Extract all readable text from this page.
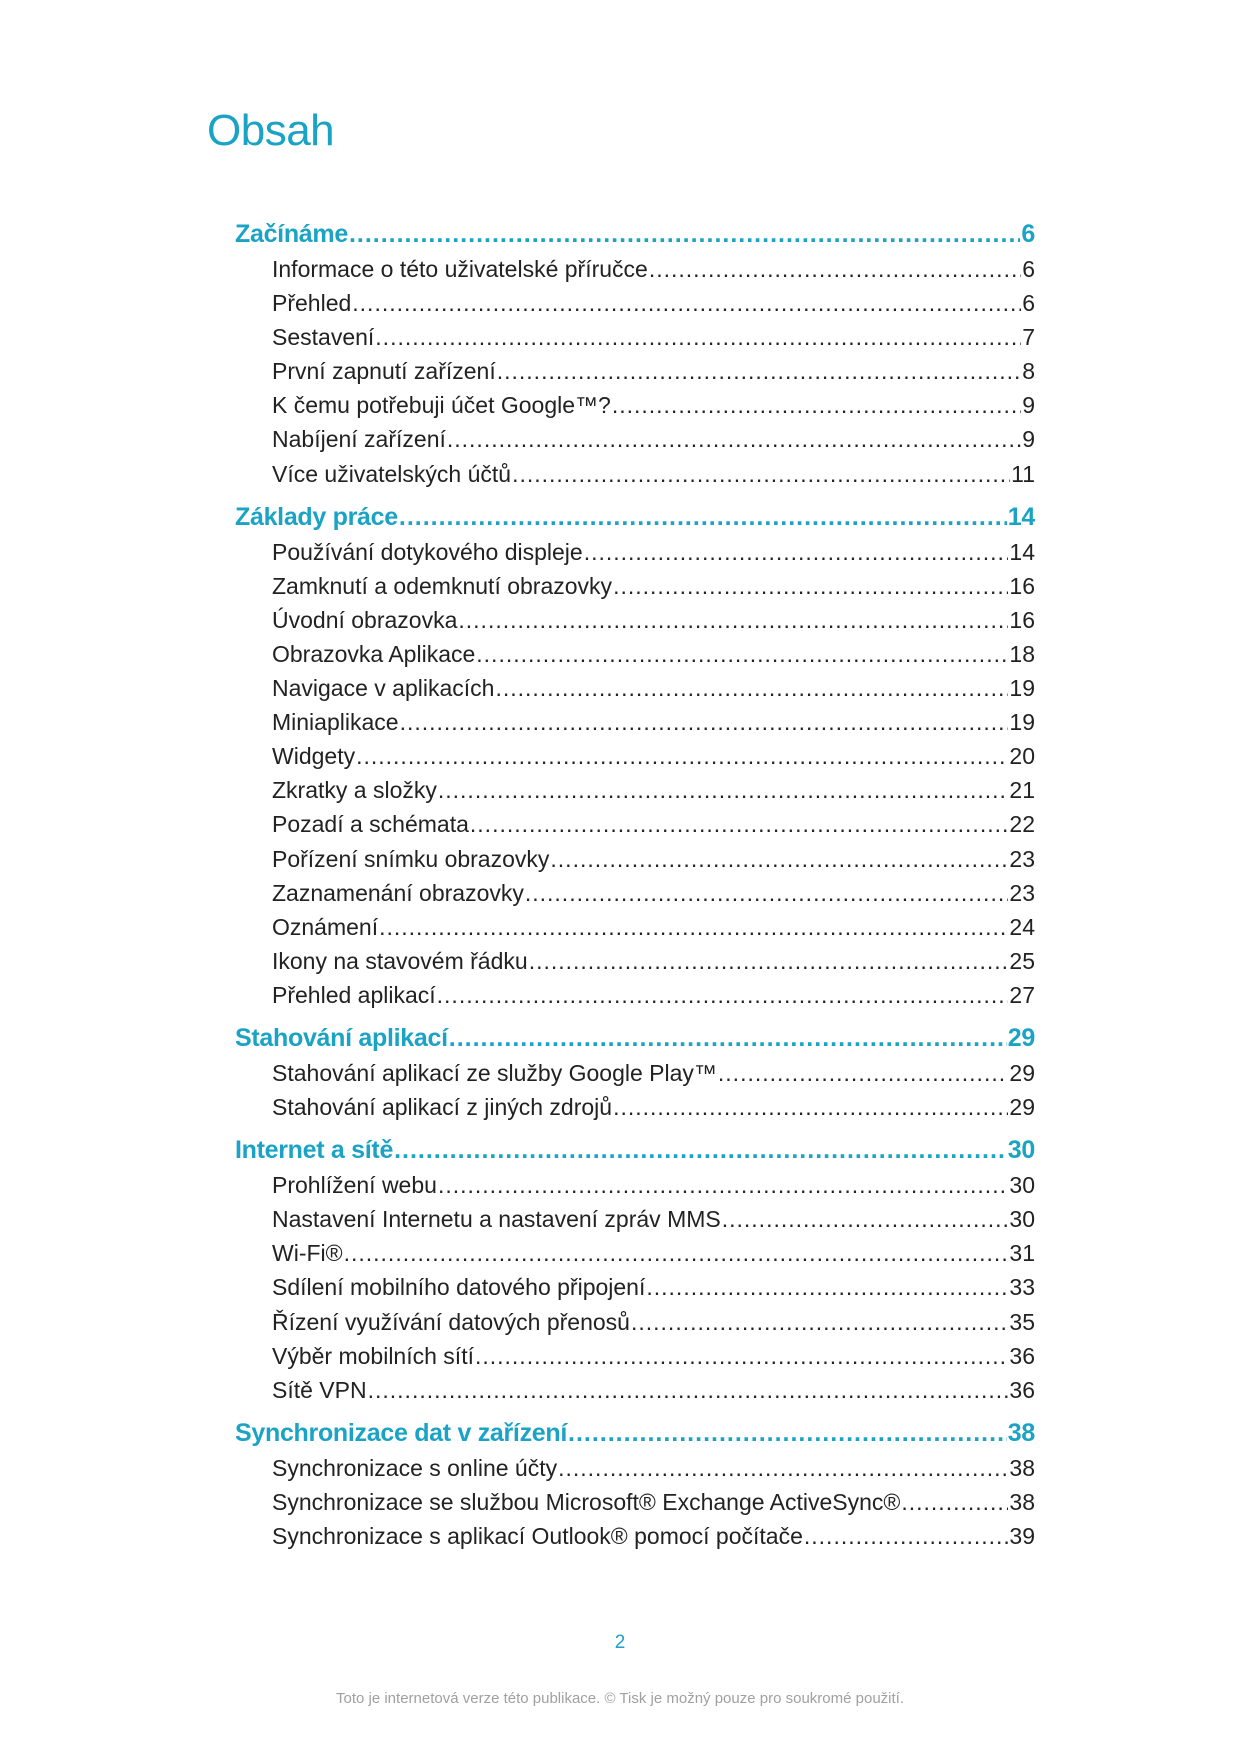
Obsah
Začínáme .....	6
Informace o této uživatelské příručce .....	6
Přehled .....	6
Sestavení .....	7
První zapnutí zařízení .....	8
K čemu potřebuji účet Google™? .....	9
Nabíjení zařízení .....	9
Více uživatelských účtů .....	11
Základy práce .....	14
Používání dotykového displeje .....	14
Zamknutí a odemknutí obrazovky .....	16
Úvodní obrazovka .....	16
Obrazovka Aplikace .....	18
Navigace v aplikacích .....	19
Miniaplikace .....	19
Widgety .....	20
Zkratky a složky .....	21
Pozadí a schémata .....	22
Pořízení snímku obrazovky .....	23
Zaznamenání obrazovky .....	23
Oznámení .....	24
Ikony na stavovém řádku .....	25
Přehled aplikací .....	27
Stahování aplikací .....	29
Stahování aplikací ze služby Google Play™ .....	29
Stahování aplikací z jiných zdrojů .....	29
Internet a sítě .....	30
Prohlížení webu .....	30
Nastavení Internetu a nastavení zpráv MMS .....	30
Wi-Fi® .....	31
Sdílení mobilního datového připojení .....	33
Řízení využívání datových přenosů .....	35
Výběr mobilních sítí .....	36
Sítě VPN .....	36
Synchronizace dat v zařízení .....	38
Synchronizace s online účty .....	38
Synchronizace se službou Microsoft® Exchange ActiveSync® .....	38
Synchronizace s aplikací Outlook® pomocí počítače .....	39
2
Toto je internetová verze této publikace. © Tisk je možný pouze pro soukromé použití.
